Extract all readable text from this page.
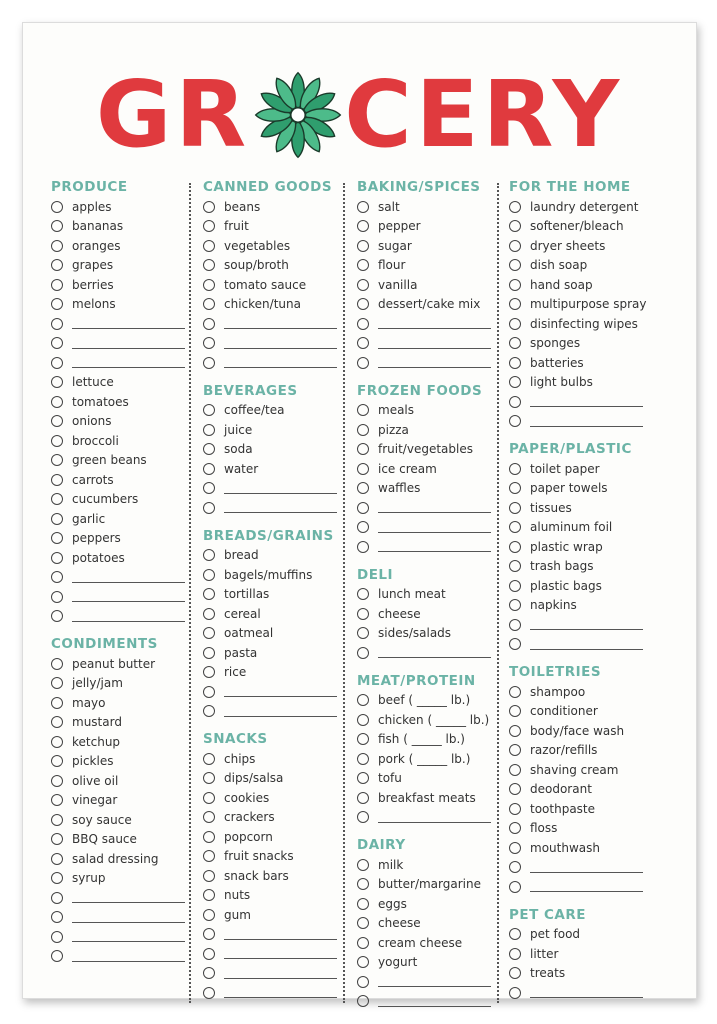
GR CERY
PRODUCE
apples
bananas
oranges
grapes
berries
melons
lettuce
tomatoes
onions
broccoli
green beans
carrots
cucumbers
garlic
peppers
potatoes
CONDIMENTS
peanut butter
jelly/jam
mayo
mustard
ketchup
pickles
olive oil
vinegar
soy sauce
BBQ sauce
salad dressing
syrup
CANNED GOODS
beans
fruit
vegetables
soup/broth
tomato sauce
chicken/tuna
BEVERAGES
coffee/tea
juice
soda
water
BREADS/GRAINS
bread
bagels/muffins
tortillas
cereal
oatmeal
pasta
rice
SNACKS
chips
dips/salsa
cookies
crackers
popcorn
fruit snacks
snack bars
nuts
gum
BAKING/SPICES
salt
pepper
sugar
flour
vanilla
dessert/cake mix
FROZEN FOODS
meals
pizza
fruit/vegetables
ice cream
waffles
DELI
lunch meat
cheese
sides/salads
MEAT/PROTEIN
beef ( _____ lb.)
chicken ( _____ lb.)
fish ( _____ lb.)
pork ( _____ lb.)
tofu
breakfast meats
DAIRY
milk
butter/margarine
eggs
cheese
cream cheese
yogurt
FOR THE HOME
laundry detergent
softener/bleach
dryer sheets
dish soap
hand soap
multipurpose spray
disinfecting wipes
sponges
batteries
light bulbs
PAPER/PLASTIC
toilet paper
paper towels
tissues
aluminum foil
plastic wrap
trash bags
plastic bags
napkins
TOILETRIES
shampoo
conditioner
body/face wash
razor/refills
shaving cream
deodorant
toothpaste
floss
mouthwash
PET CARE
pet food
litter
treats
